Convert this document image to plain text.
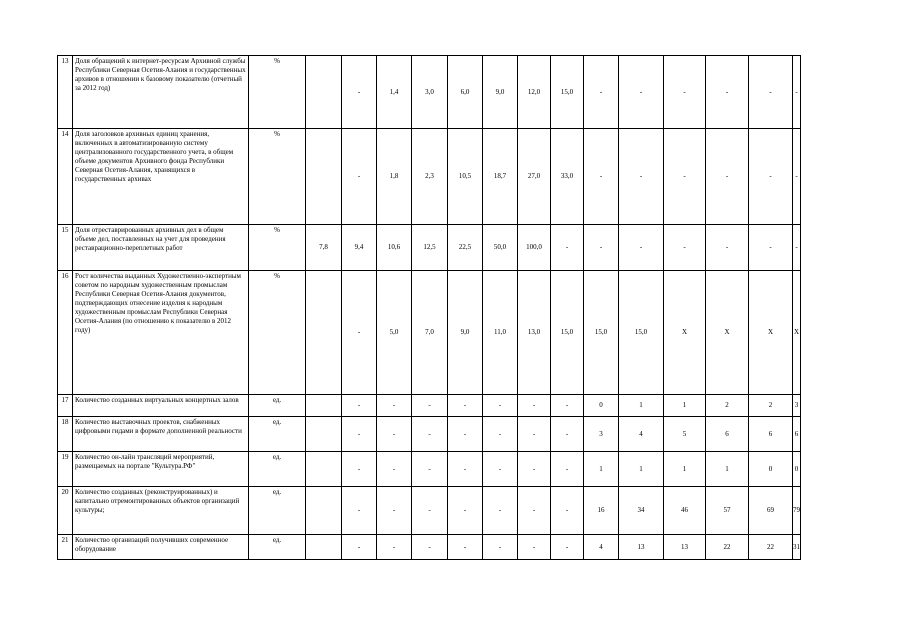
13	Доля обращений к интернет-ресурсам Архивной службы Республики Северная Осетия-Алания и государственных архивов в отношении к базовому показателю (отчетный за 2012 год)	%		-	1,4	3,0	6,0	9,0	12,0	15,0	-	-	-	-	-	-
14	Доля заголовков архивных единиц хранения, включенных в автоматизированную систему централизованного государственного учета, в общем объеме документов Архивного фонда Республики Северная Осетия-Алания, хранящихся в государственных архивах	%		-	1,8	2,3	10,5	18,7	27,0	33,0	-	-	-	-	-	-
15	Доля отреставрированных архивных дел в общем объеме дел, поставленных на учет для проведения реставрационно-переплетных работ	%	7,8	9,4	10,6	12,5	22,5	50,0	100,0	-	-	-	-	-	-	-
16	Рост количества выданных Художественно-экспертным советом по народным художественным промыслам Республики Северная Осетия-Алания документов, подтверждающих отнесение изделия к народным художественным промыслам Республики Северная Осетия-Алания (по отношению к показателю в 2012 году)	%		-	5,0	7,0	9,0	11,0	13,0	15,0	15,0	15,0	X	X	X	X
17	Количество созданных виртуальных концертных залов	ед.		-	-	-	-	-	-	-	0	1	1	2	2	3
18	Количество выставочных проектов, снабженных цифровыми гидами в формате дополненной реальности	ед.		-	-	-	-	-	-	-	3	4	5	6	6	6
19	Количество он-лайн трансляций мероприятий, размещаемых на портале "Культура.РФ"	ед.		-	-	-	-	-	-	-	1	1	1	1	0	0
20	Количество созданных (реконструированных) и капитально отремонтированных объектов организаций культуры;	ед.		-	-	-	-	-	-	-	16	34	46	57	69	79
21	Количество организаций получивших современное оборудование	ед.		-	-	-	-	-	-	-	4	13	13	22	22	31
